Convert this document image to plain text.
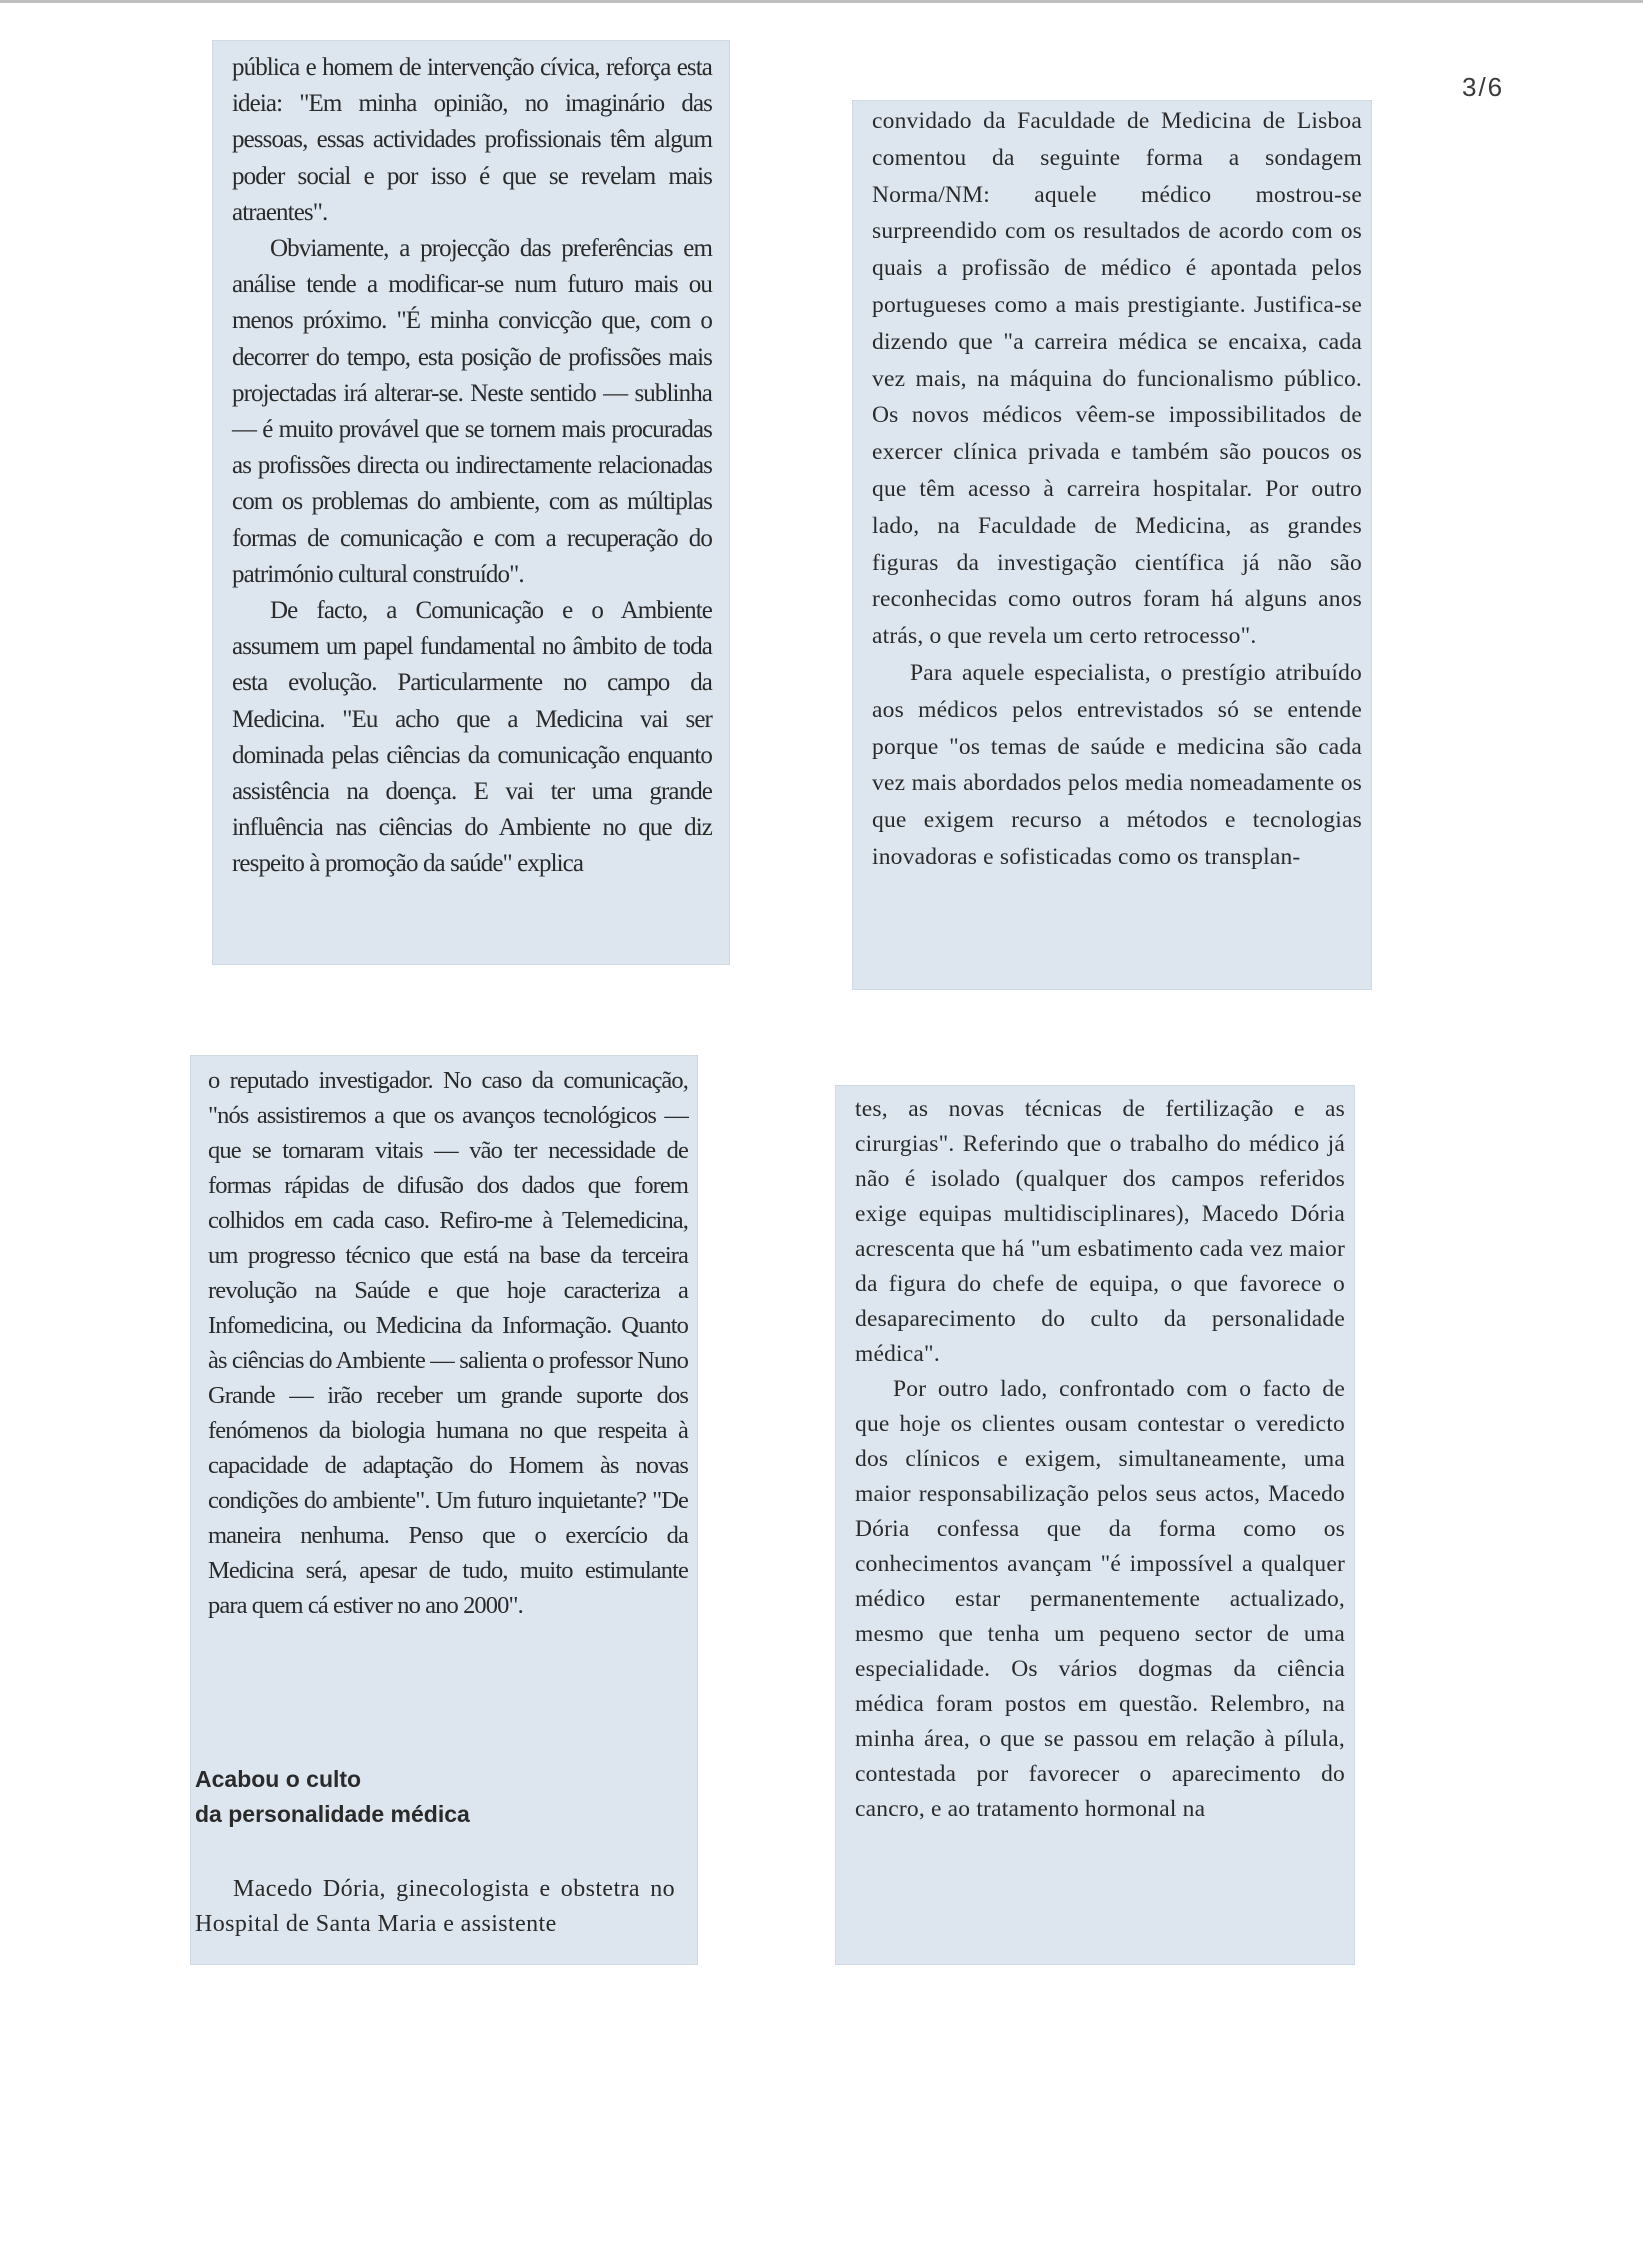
3/6

pública e homem de intervenção cívica, reforça esta ideia: "Em minha opinião, no imaginário das pessoas, essas actividades profissionais têm algum poder social e por isso é que se revelam mais atraentes".

Obviamente, a projecção das preferências em análise tende a modificar-se num futuro mais ou menos próximo. "É minha convicção que, com o decorrer do tempo, esta posição de profissões mais projectadas irá alterar-se. Neste sentido — sublinha — é muito provável que se tornem mais procuradas as profissões directa ou indirectamente relacionadas com os problemas do ambiente, com as múltiplas formas de comunicação e com a recuperação do património cultural construído".

De facto, a Comunicação e o Ambiente assumem um papel fundamental no âmbito de toda esta evolução. Particularmente no campo da Medicina. "Eu acho que a Medicina vai ser dominada pelas ciências da comunicação enquanto assistência na doença. E vai ter uma grande influência nas ciências do Ambiente no que diz respeito à promoção da saúde" explica

convidado da Faculdade de Medicina de Lisboa comentou da seguinte forma a sondagem Norma/NM: aquele médico mostrou-se surpreendido com os resultados de acordo com os quais a profissão de médico é apontada pelos portugueses como a mais prestigiante. Justifica-se dizendo que "a carreira médica se encaixa, cada vez mais, na máquina do funcionalismo público. Os novos médicos vêem-se impossibilitados de exercer clínica privada e também são poucos os que têm acesso à carreira hospitalar. Por outro lado, na Faculdade de Medicina, as grandes figuras da investigação científica já não são reconhecidas como outros foram há alguns anos atrás, o que revela um certo retrocesso".

Para aquele especialista, o prestígio atribuído aos médicos pelos entrevistados só se entende porque "os temas de saúde e medicina são cada vez mais abordados pelos media nomeadamente os que exigem recurso a métodos e tecnologias inovadoras e sofisticadas como os transplan-

o reputado investigador. No caso da comunicação, "nós assistiremos a que os avanços tecnológicos — que se tornaram vitais — vão ter necessidade de formas rápidas de difusão dos dados que forem colhidos em cada caso. Refiro-me à Telemedicina, um progresso técnico que está na base da terceira revolução na Saúde e que hoje caracteriza a Infomedicina, ou Medicina da Informação. Quanto às ciências do Ambiente — salienta o professor Nuno Grande — irão receber um grande suporte dos fenómenos da biologia humana no que respeita à capacidade de adaptação do Homem às novas condições do ambiente". Um futuro inquietante? "De maneira nenhuma. Penso que o exercício da Medicina será, apesar de tudo, muito estimulante para quem cá estiver no ano 2000".

Acabou o culto
da personalidade médica

Macedo Dória, ginecologista e obstetra no Hospital de Santa Maria e assistente

tes, as novas técnicas de fertilização e as cirurgias". Referindo que o trabalho do médico já não é isolado (qualquer dos campos referidos exige equipas multidisciplinares), Macedo Dória acrescenta que há "um esbatimento cada vez maior da figura do chefe de equipa, o que favorece o desaparecimento do culto da personalidade médica".

Por outro lado, confrontado com o facto de que hoje os clientes ousam contestar o veredicto dos clínicos e exigem, simultaneamente, uma maior responsabilização pelos seus actos, Macedo Dória confessa que da forma como os conhecimentos avançam "é impossível a qualquer médico estar permanentemente actualizado, mesmo que tenha um pequeno sector de uma especialidade. Os vários dogmas da ciência médica foram postos em questão. Relembro, na minha área, o que se passou em relação à pílula, contestada por favorecer o aparecimento do cancro, e ao tratamento hormonal na
